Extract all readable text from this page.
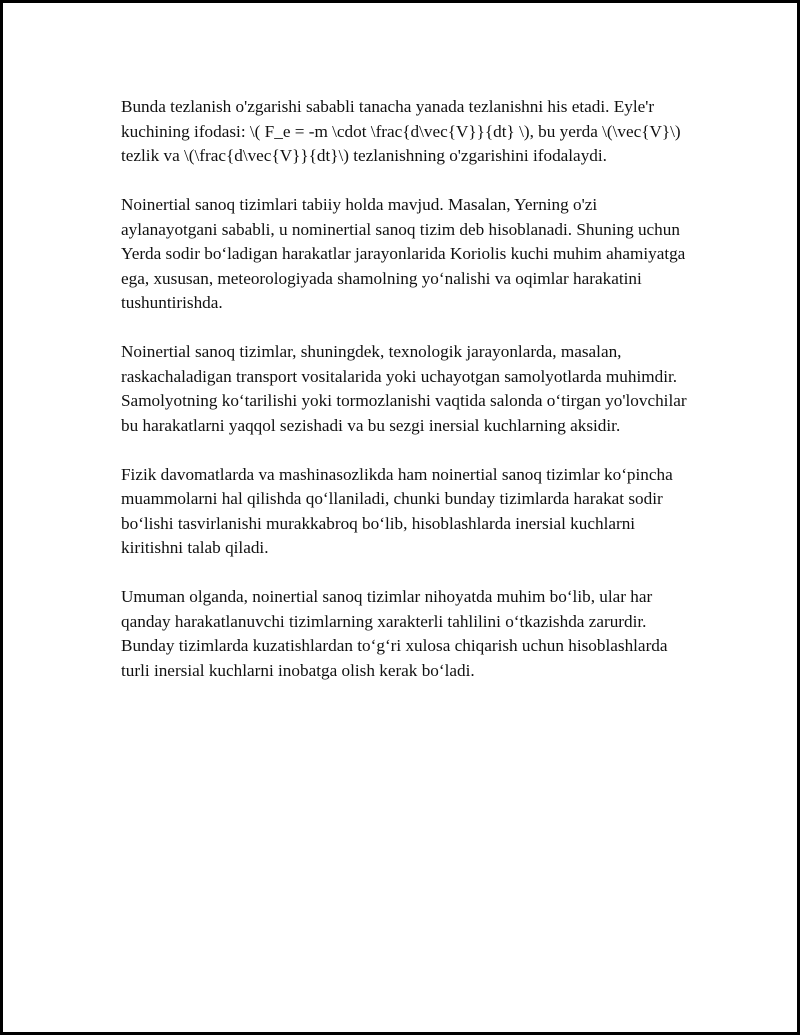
Bunda tezlanish o'zgarishi sababli tanacha yanada tezlanishni his etadi. Eyle'r kuchining ifodasi: \( F_e = -m \cdot \frac{d\vec{V}}{dt} \), bu yerda \(\vec{V}\) tezlik va \(\frac{d\vec{V}}{dt}\) tezlanishning o'zgarishini ifodalaydi.

Noinertial sanoq tizimlari tabiiy holda mavjud. Masalan, Yerning o'zi aylanayotgani sababli, u nominertial sanoq tizim deb hisoblanadi. Shuning uchun Yerda sodir bo‘ladigan harakatlar jarayonlarida Koriolis kuchi muhim ahamiyatga ega, xususan, meteorologiyada shamolning yo‘nalishi va oqimlar harakatini tushuntirishda.

Noinertial sanoq tizimlar, shuningdek, texnologik jarayonlarda, masalan, raskachaladigan transport vositalarida yoki uchayotgan samolyotlarda muhimdir. Samolyotning ko‘tarilishi yoki tormozlanishi vaqtida salonda o‘tirgan yo'lovchilar bu harakatlarni yaqqol sezishadi va bu sezgi inersial kuchlarning aksidir.

Fizik davomatlarda va mashinasozlikda ham noinertial sanoq tizimlar ko‘pincha muammolarni hal qilishda qo‘llaniladi, chunki bunday tizimlarda harakat sodir bo‘lishi tasvirlanishi murakkabroq bo‘lib, hisoblashlarda inersial kuchlarni kiritishni talab qiladi.

Umuman olganda, noinertial sanoq tizimlar nihoyatda muhim bo‘lib, ular har qanday harakatlanuvchi tizimlarning xarakterli tahlilini o‘tkazishda zarurdir. Bunday tizimlarda kuzatishlardan to‘g‘ri xulosa chiqarish uchun hisoblashlarda turli inersial kuchlarni inobatga olish kerak bo‘ladi.
